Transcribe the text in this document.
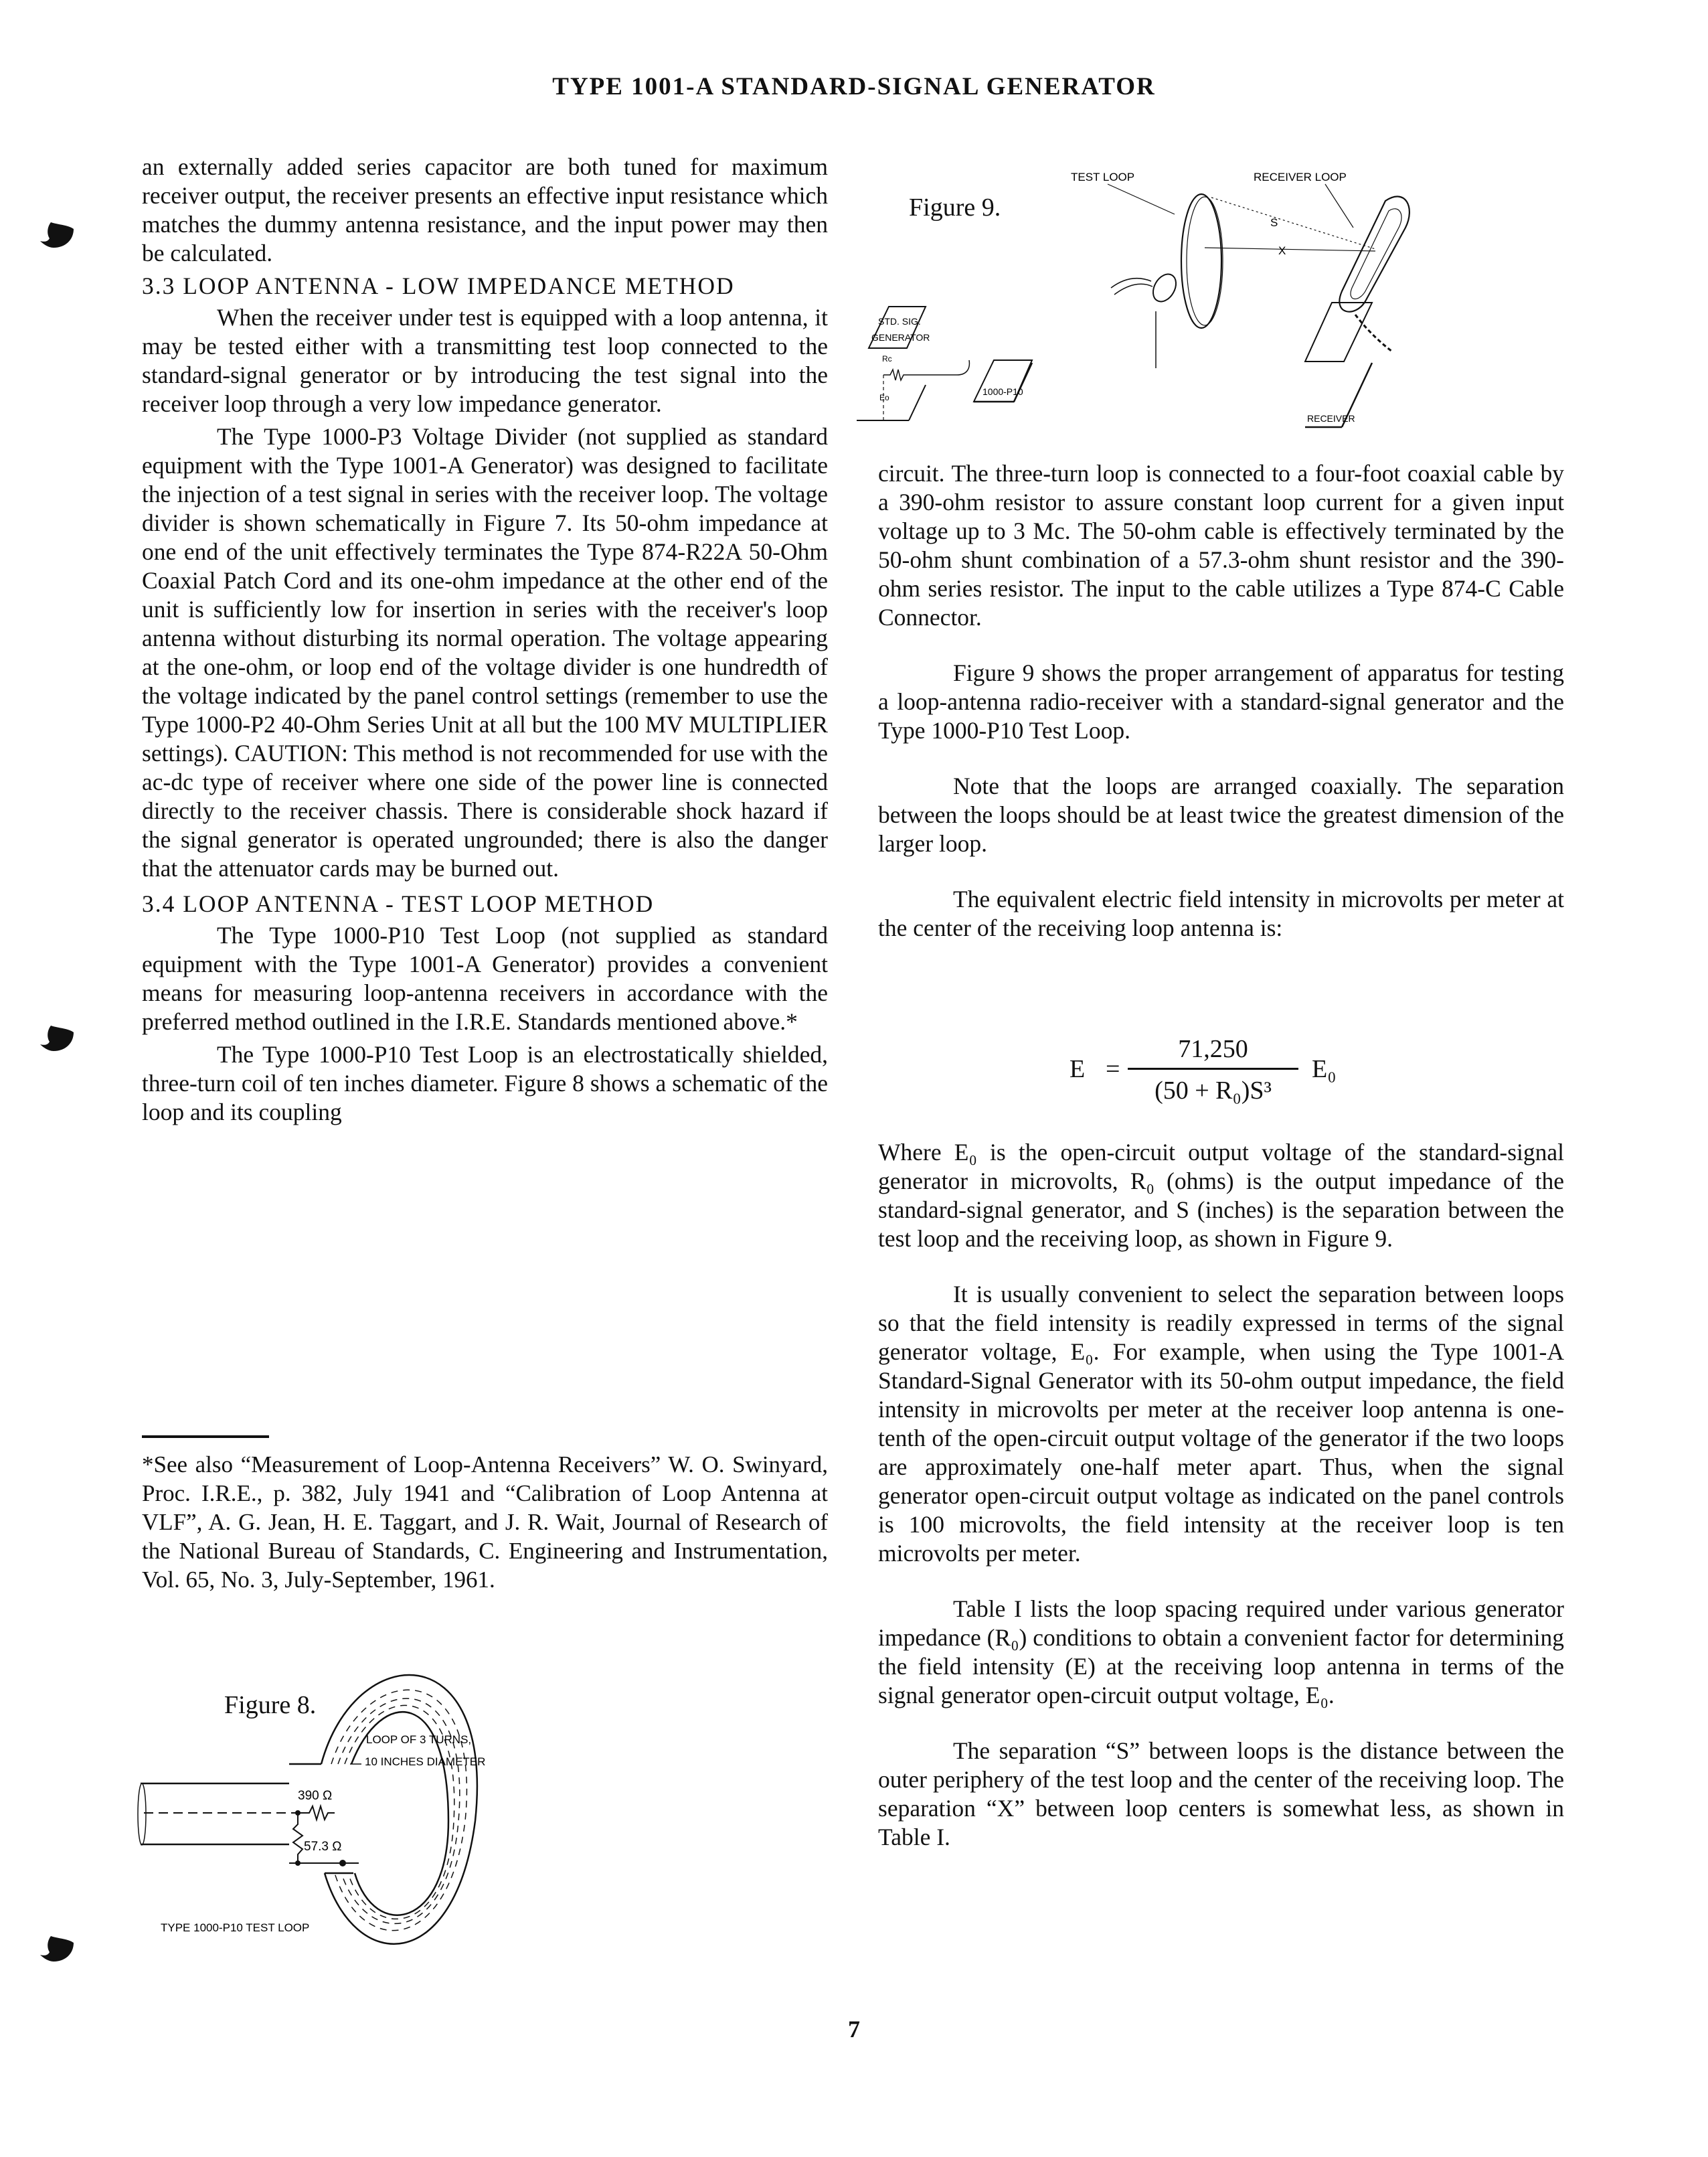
TYPE 1001-A STANDARD-SIGNAL GENERATOR

an externally added series capacitor are both tuned for maximum receiver output, the receiver presents an effective input resistance which matches the dummy antenna resistance, and the input power may then be calculated.

3.3 LOOP ANTENNA - LOW IMPEDANCE METHOD

When the receiver under test is equipped with a loop antenna, it may be tested either with a transmitting test loop connected to the standard-signal generator or by introducing the test signal into the receiver loop through a very low impedance generator.

The Type 1000-P3 Voltage Divider (not supplied as standard equipment with the Type 1001-A Generator) was designed to facilitate the injection of a test signal in series with the receiver loop. The voltage divider is shown schematically in Figure 7. Its 50-ohm impedance at one end of the unit effectively terminates the Type 874-R22A 50-Ohm Coaxial Patch Cord and its one-ohm impedance at the other end of the unit is sufficiently low for insertion in series with the receiver's loop antenna without disturbing its normal operation. The voltage appearing at the one-ohm, or loop end of the voltage divider is one hundredth of the voltage indicated by the panel control settings (remember to use the Type 1000-P2 40-Ohm Series Unit at all but the 100 MV MULTIPLIER settings). CAUTION: This method is not recommended for use with the ac-dc type of receiver where one side of the power line is connected directly to the receiver chassis. There is considerable shock hazard if the signal generator is operated ungrounded; there is also the danger that the attenuator cards may be burned out.

3.4 LOOP ANTENNA - TEST LOOP METHOD

The Type 1000-P10 Test Loop (not supplied as standard equipment with the Type 1001-A Generator) provides a convenient means for measuring loop-antenna receivers in accordance with the preferred method outlined in the I.R.E. Standards mentioned above.*

The Type 1000-P10 Test Loop is an electrostatically shielded, three-turn coil of ten inches diameter. Figure 8 shows a schematic of the loop and its coupling

*See also “Measurement of Loop-Antenna Receivers” W. O. Swinyard, Proc. I.R.E., p. 382, July 1941 and “Calibration of Loop Antenna at VLF”, A. G. Jean, H. E. Taggart, and J. R. Wait, Journal of Research of the National Bureau of Standards, C. Engineering and Instrumentation, Vol. 65, No. 3, July-September, 1961.
Figure 8.
390 Ω
57.3 Ω
LOOP OF 3 TURNS,
10 INCHES DIAMETER
TYPE 1000-P10 TEST LOOP
Figure 9.
TEST LOOP	RECEIVER LOOP
S
X
STD. SIG.
GENERATOR
Rc
Eo
1000-P10
RECEIVER

circuit. The three-turn loop is connected to a four-foot coaxial cable by a 390-ohm resistor to assure constant loop current for a given input voltage up to 3 Mc. The 50-ohm cable is effectively terminated by the 50-ohm shunt combination of a 57.3-ohm shunt resistor and the 390-ohm series resistor. The input to the cable utilizes a Type 874-C Cable Connector.

Figure 9 shows the proper arrangement of apparatus for testing a loop-antenna radio-receiver with a standard-signal generator and the Type 1000-P10 Test Loop.

Note that the loops are arranged coaxially. The separation between the loops should be at least twice the greatest dimension of the larger loop.

The equivalent electric field intensity in microvolts per meter at the center of the receiving loop antenna is:

E =
71,250
(50 + R₀)S³
E₀

Where E₀ is the open-circuit output voltage of the standard-signal generator in microvolts, R₀ (ohms) is the output impedance of the standard-signal generator, and S (inches) is the separation between the test loop and the receiving loop, as shown in Figure 9.

It is usually convenient to select the separation between loops so that the field intensity is readily expressed in terms of the signal generator voltage, E₀. For example, when using the Type 1001-A Standard-Signal Generator with its 50-ohm output impedance, the field intensity in microvolts per meter at the receiver loop antenna is one-tenth of the open-circuit output voltage of the generator if the two loops are approximately one-half meter apart. Thus, when the signal generator open-circuit output voltage as indicated on the panel controls is 100 microvolts, the field intensity at the receiver loop is ten microvolts per meter.

Table I lists the loop spacing required under various generator impedance (R₀) conditions to obtain a convenient factor for determining the field intensity (E) at the receiving loop antenna in terms of the signal generator open-circuit output voltage, E₀.

The separation “S” between loops is the distance between the outer periphery of the test loop and the center of the receiving loop. The separation “X” between loop centers is somewhat less, as shown in Table I.

7
